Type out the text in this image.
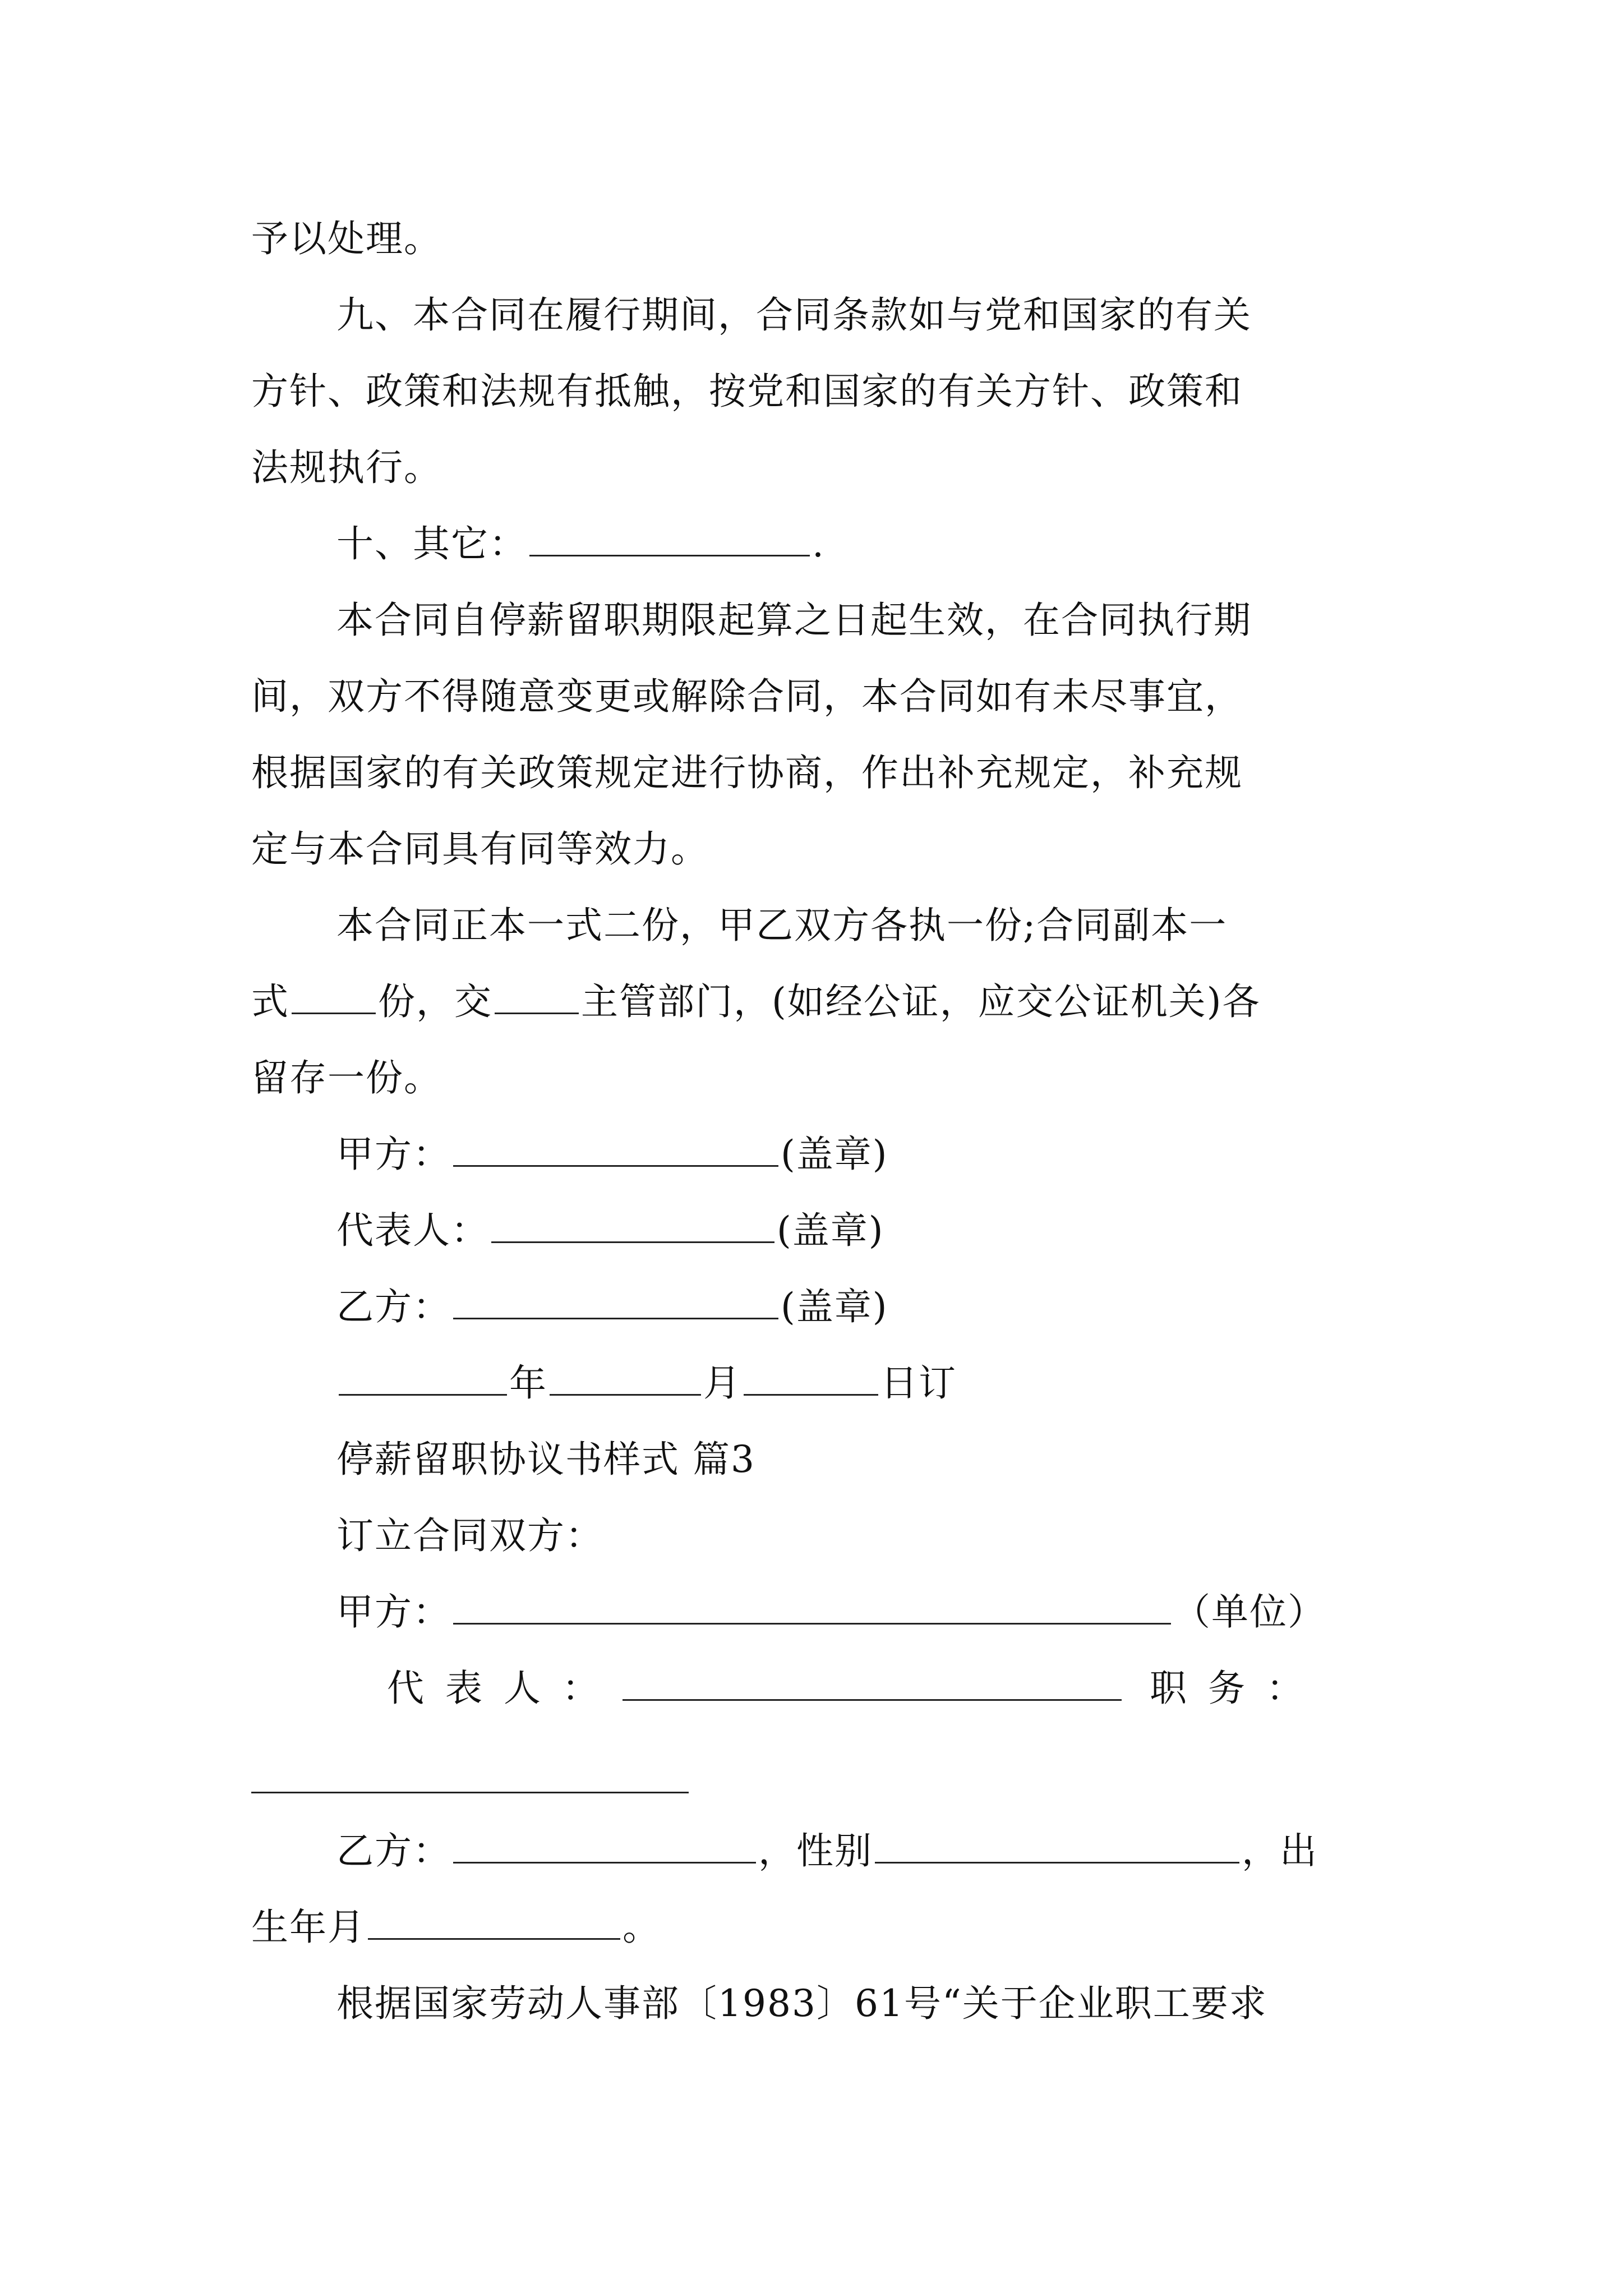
予以处理。
九、本合同在履行期间，合同条款如与党和国家的有关
方针、政策和法规有抵触，按党和国家的有关方针、政策和
法规执行。
十、其它：	.
本合同自停薪留职期限起算之日起生效，在合同执行期
间，双方不得随意变更或解除合同，本合同如有未尽事宜，
根据国家的有关政策规定进行协商，作出补充规定，补充规
定与本合同具有同等效力。
本合同正本一式二份，甲乙双方各执一份;合同副本一
式 份，交 主管部门，(如经公证，应交公证机关)各
留存一份。
甲方：	(盖章)
代表人：	(盖章)
乙方：	(盖章)
年	月	日订
停薪留职协议书样式 篇3
订立合同双方：
甲方：	（单位）
代表人：	职务：
乙方：	，性别	，出
生年月	。
根据国家劳动人事部〔1983〕61号“关于企业职工要求
